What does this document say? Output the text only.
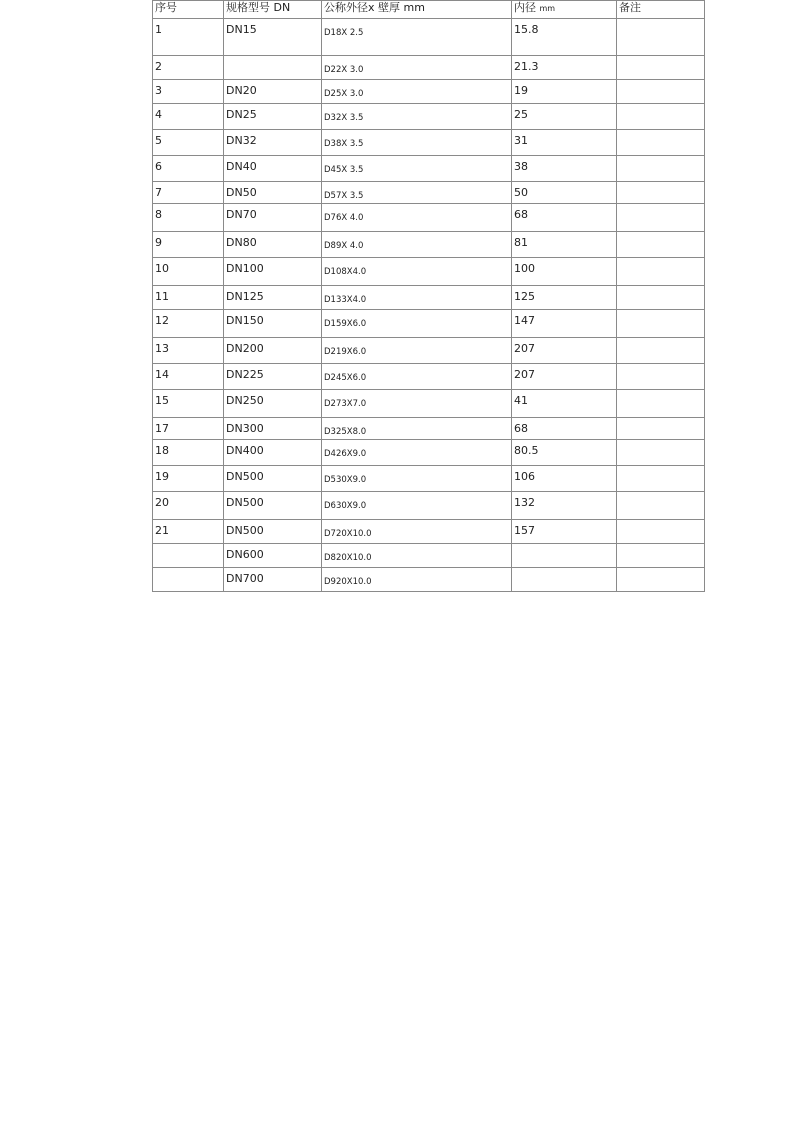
序号	规格型号 DN	公称外径x 壁厚 mm	内径 mm	备注
1	DN15	D18X 2.5	15.8	
2		D22X 3.0	21.3	
3	DN20	D25X 3.0	19	
4	DN25	D32X 3.5	25	
5	DN32	D38X 3.5	31	
6	DN40	D45X 3.5	38	
7	DN50	D57X 3.5	50	
8	DN70	D76X 4.0	68	
9	DN80	D89X 4.0	81	
10	DN100	D108X4.0	100	
11	DN125	D133X4.0	125	
12	DN150	D159X6.0	147	
13	DN200	D219X6.0	207	
14	DN225	D245X6.0	207	
15	DN250	D273X7.0	41	
17	DN300	D325X8.0	68	
18	DN400	D426X9.0	80.5	
19	DN500	D530X9.0	106	
20	DN500	D630X9.0	132	
21	DN500	D720X10.0	157	
	DN600	D820X10.0		
	DN700	D920X10.0		
